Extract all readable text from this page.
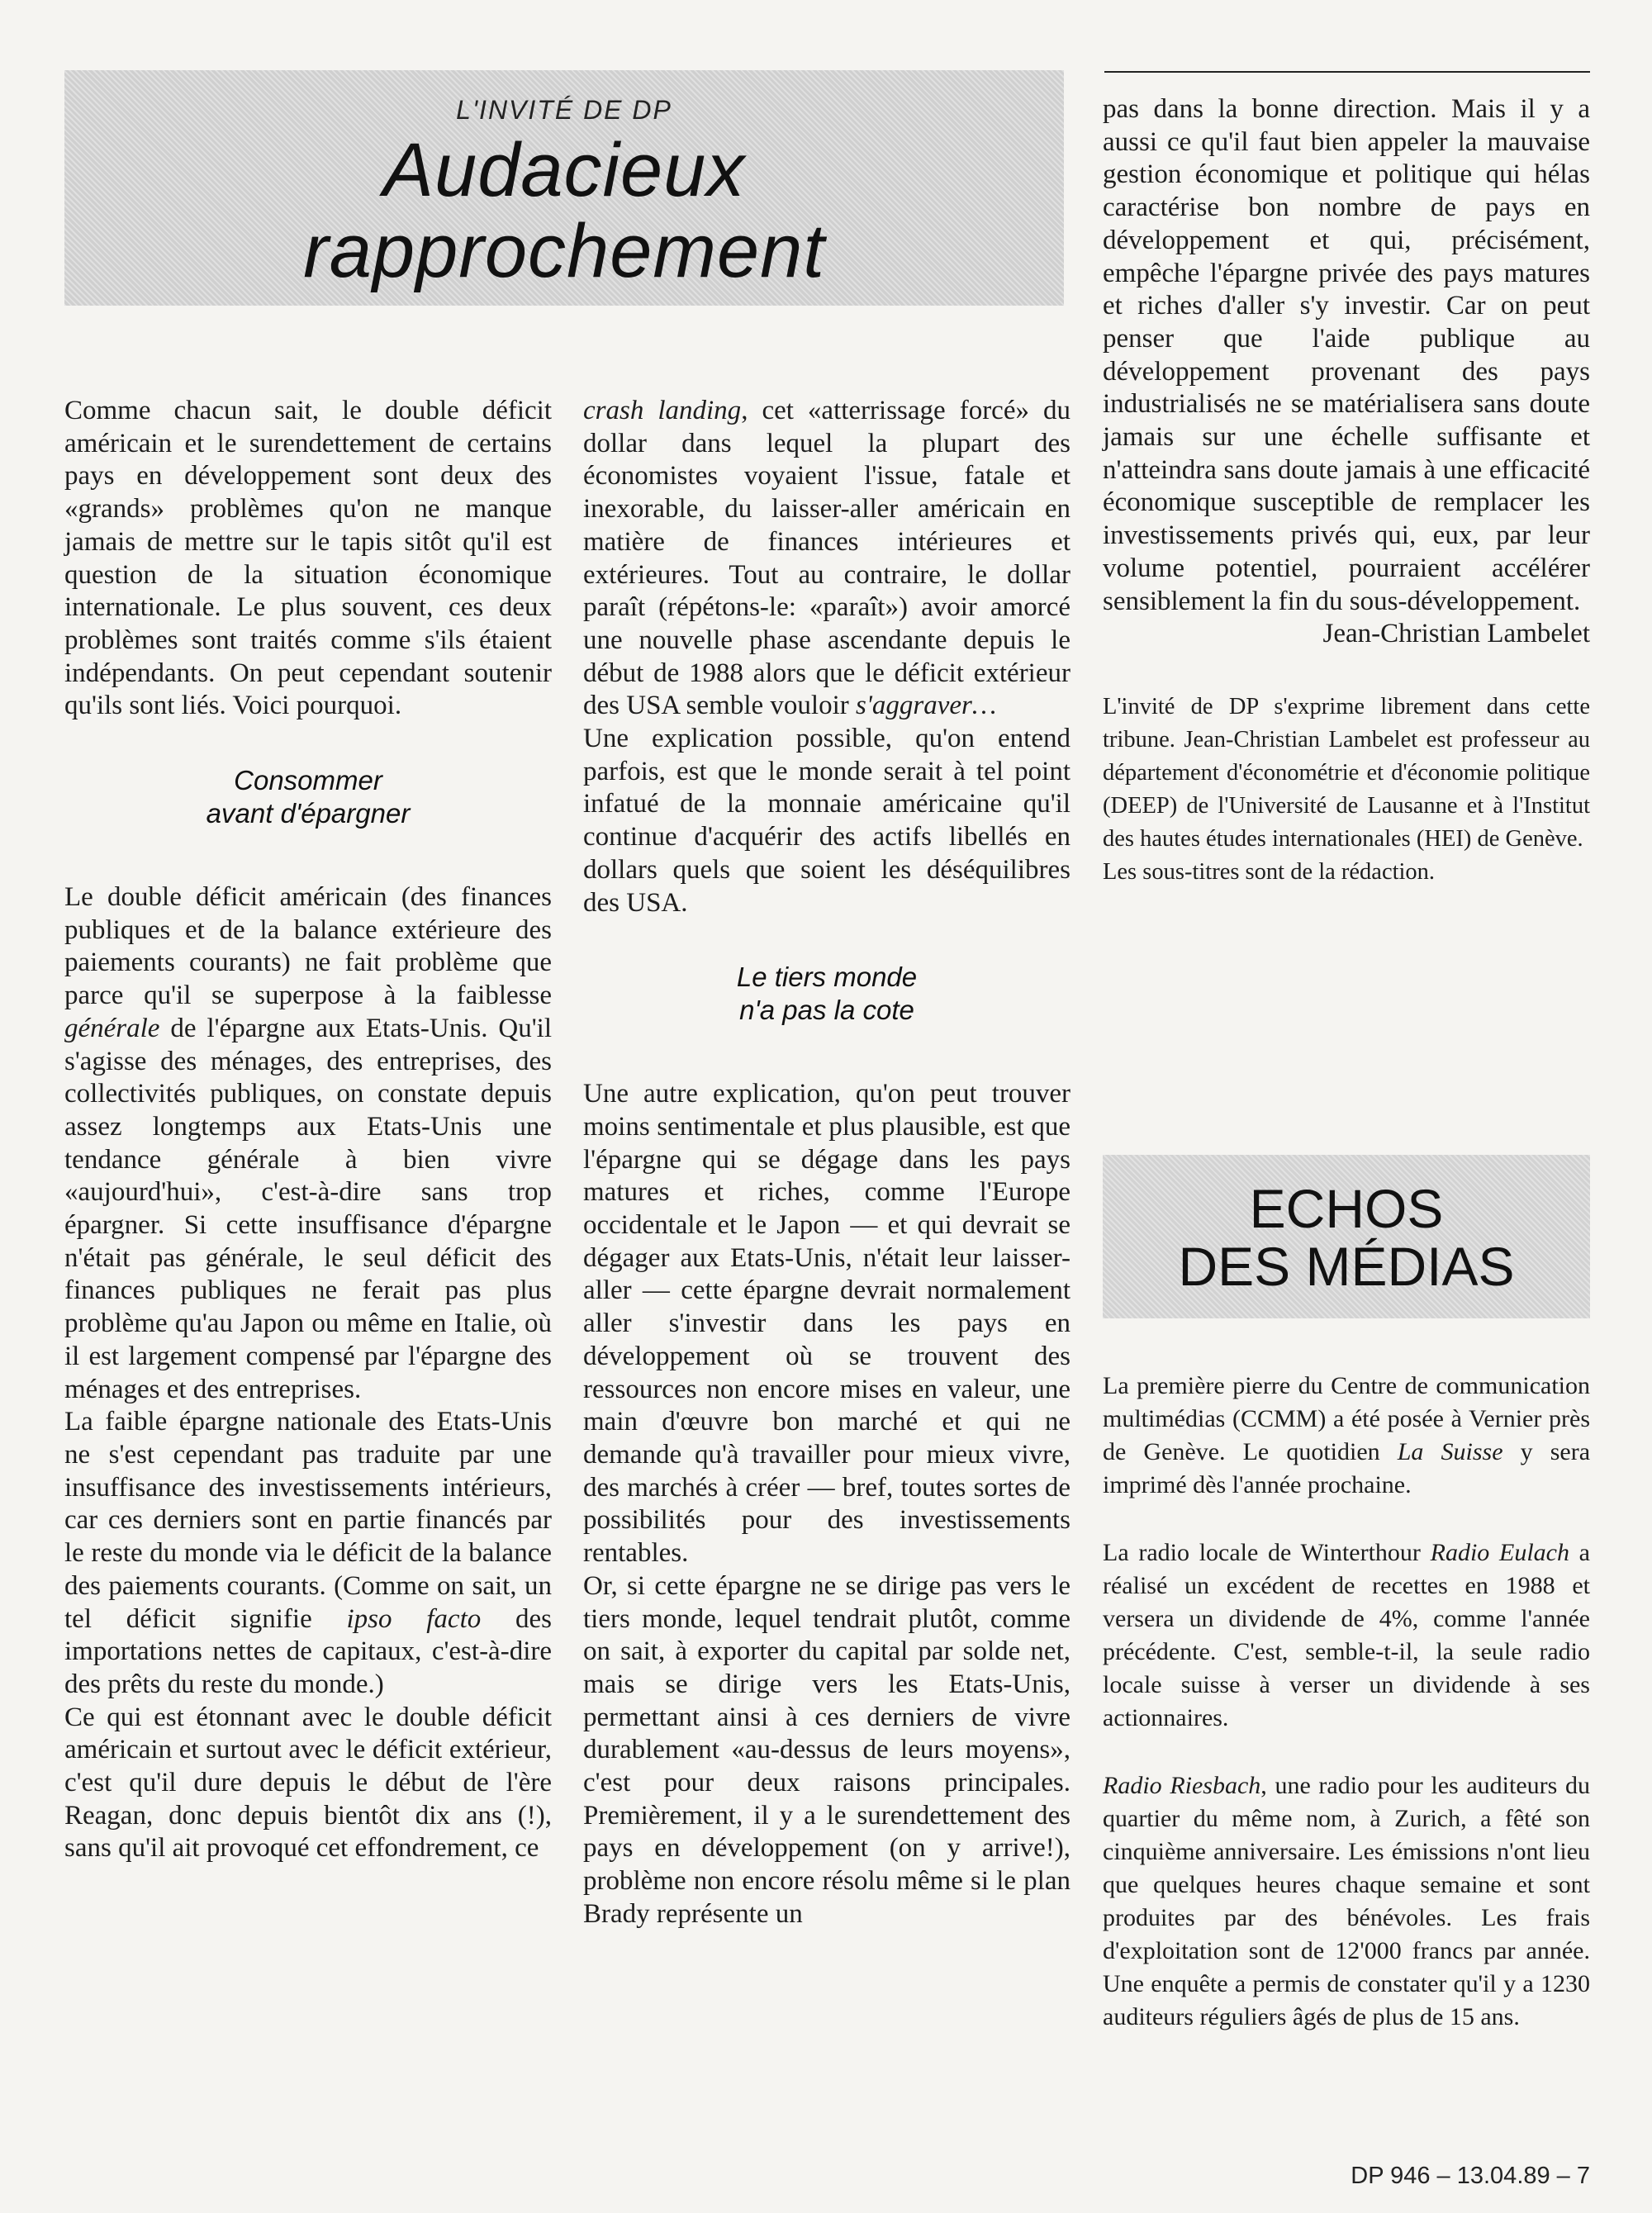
L'INVITÉ DE DP
Audacieux
rapprochement

Comme chacun sait, le double déficit américain et le surendettement de certains pays en développement sont deux des «grands» problèmes qu'on ne manque jamais de mettre sur le tapis sitôt qu'il est question de la situation économique internationale. Le plus souvent, ces deux problèmes sont traités comme s'ils étaient indépendants. On peut cependant soutenir qu'ils sont liés. Voici pourquoi.

Consommer
avant d'épargner

Le double déficit américain (des finances publiques et de la balance extérieure des paiements courants) ne fait problème que parce qu'il se superpose à la faiblesse générale de l'épargne aux Etats-Unis. Qu'il s'agisse des ménages, des entreprises, des collectivités publiques, on constate depuis assez longtemps aux Etats-Unis une tendance générale à bien vivre «aujourd'hui», c'est-à-dire sans trop épargner. Si cette insuffisance d'épargne n'était pas générale, le seul déficit des finances publiques ne ferait pas plus problème qu'au Japon ou même en Italie, où il est largement compensé par l'épargne des ménages et des entreprises.

La faible épargne nationale des Etats-Unis ne s'est cependant pas traduite par une insuffisance des investissements intérieurs, car ces derniers sont en partie financés par le reste du monde via le déficit de la balance des paiements courants. (Comme on sait, un tel déficit signifie ipso facto des importations nettes de capitaux, c'est-à-dire des prêts du reste du monde.)

Ce qui est étonnant avec le double déficit américain et surtout avec le déficit extérieur, c'est qu'il dure depuis le début de l'ère Reagan, donc depuis bientôt dix ans (!), sans qu'il ait provoqué cet effondrement, ce

crash landing, cet «atterrissage forcé» du dollar dans lequel la plupart des économistes voyaient l'issue, fatale et inexorable, du laisser-aller américain en matière de finances intérieures et extérieures. Tout au contraire, le dollar paraît (répétons-le: «paraît») avoir amorcé une nouvelle phase ascendante depuis le début de 1988 alors que le déficit extérieur des USA semble vouloir s'aggraver…

Une explication possible, qu'on entend parfois, est que le monde serait à tel point infatué de la monnaie américaine qu'il continue d'acquérir des actifs libellés en dollars quels que soient les déséquilibres des USA.

Le tiers monde
n'a pas la cote

Une autre explication, qu'on peut trouver moins sentimentale et plus plausible, est que l'épargne qui se dégage dans les pays matures et riches, comme l'Europe occidentale et le Japon — et qui devrait se dégager aux Etats-Unis, n'était leur laisser-aller — cette épargne devrait normalement aller s'investir dans les pays en développement où se trouvent des ressources non encore mises en valeur, une main d'œuvre bon marché et qui ne demande qu'à travailler pour mieux vivre, des marchés à créer — bref, toutes sortes de possibilités pour des investissements rentables.

Or, si cette épargne ne se dirige pas vers le tiers monde, lequel tendrait plutôt, comme on sait, à exporter du capital par solde net, mais se dirige vers les Etats-Unis, permettant ainsi à ces derniers de vivre durablement «au-dessus de leurs moyens», c'est pour deux raisons principales. Premièrement, il y a le surendettement des pays en développement (on y arrive!), problème non encore résolu même si le plan Brady représente un

pas dans la bonne direction. Mais il y a aussi ce qu'il faut bien appeler la mauvaise gestion économique et politique qui hélas caractérise bon nombre de pays en développement et qui, précisément, empêche l'épargne privée des pays matures et riches d'aller s'y investir. Car on peut penser que l'aide publique au développement provenant des pays industrialisés ne se matérialisera sans doute jamais sur une échelle suffisante et n'atteindra sans doute jamais à une efficacité économique susceptible de remplacer les investissements privés qui, eux, par leur volume potentiel, pourraient accélérer sensiblement la fin du sous-développement.

Jean-Christian Lambelet

L'invité de DP s'exprime librement dans cette tribune. Jean-Christian Lambelet est professeur au département d'économétrie et d'économie politique (DEEP) de l'Université de Lausanne et à l'Institut des hautes études internationales (HEI) de Genève.
Les sous-titres sont de la rédaction.
ECHOS
DES MÉDIAS

La première pierre du Centre de communication multimédias (CCMM) a été posée à Vernier près de Genève. Le quotidien La Suisse y sera imprimé dès l'année prochaine.

La radio locale de Winterthour Radio Eulach a réalisé un excédent de recettes en 1988 et versera un dividende de 4%, comme l'année précédente. C'est, semble-t-il, la seule radio locale suisse à verser un dividende à ses actionnaires.

Radio Riesbach, une radio pour les auditeurs du quartier du même nom, à Zurich, a fêté son cinquième anniversaire. Les émissions n'ont lieu que quelques heures chaque semaine et sont produites par des bénévoles. Les frais d'exploitation sont de 12'000 francs par année. Une enquête a permis de constater qu'il y a 1230 auditeurs réguliers âgés de plus de 15 ans.

DP 946 – 13.04.89 – 7
